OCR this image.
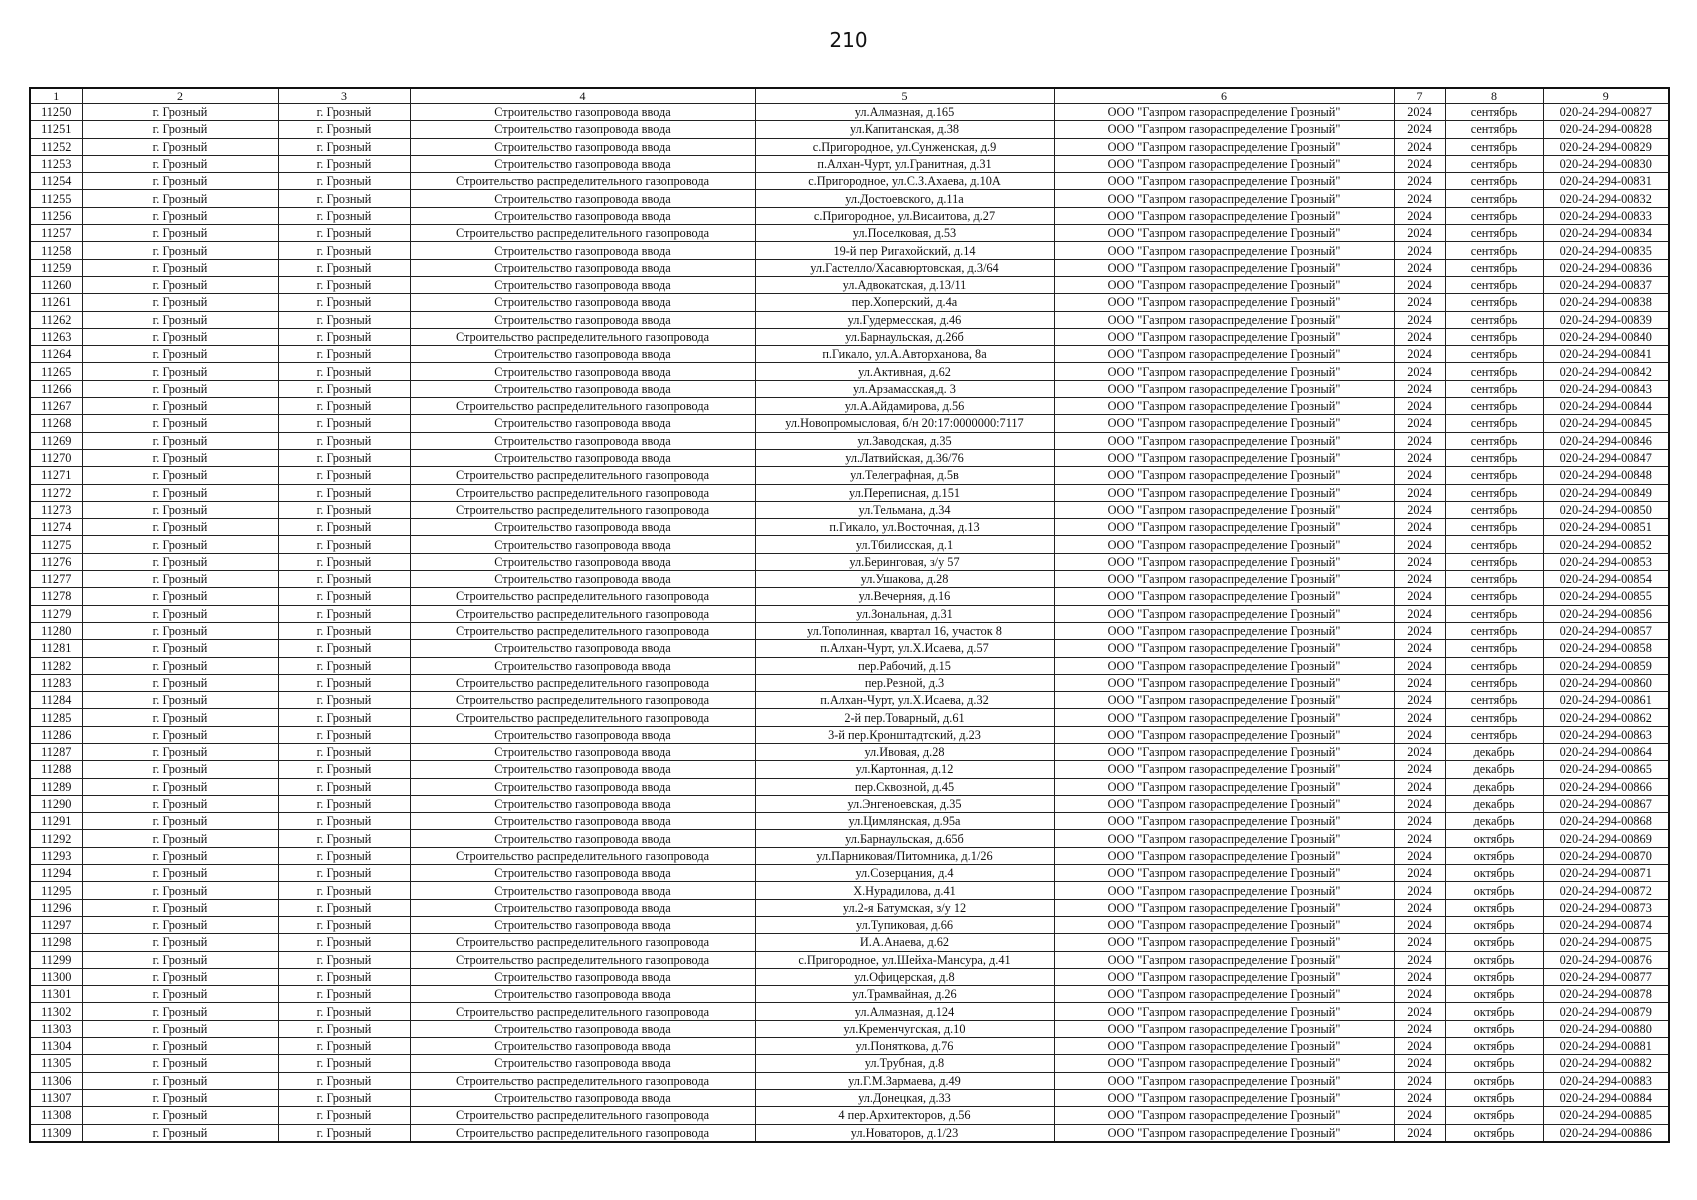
210
1	2	3	4	5	6	7	8	9
11250	г. Грозный	г. Грозный	Строительство газопровода ввода	ул.Алмазная, д.165	ООО "Газпром газораспределение Грозный"	2024	сентябрь	020-24-294-00827
11251	г. Грозный	г. Грозный	Строительство газопровода ввода	ул.Капитанская, д.38	ООО "Газпром газораспределение Грозный"	2024	сентябрь	020-24-294-00828
11252	г. Грозный	г. Грозный	Строительство газопровода ввода	с.Пригородное, ул.Сунженская, д.9	ООО "Газпром газораспределение Грозный"	2024	сентябрь	020-24-294-00829
11253	г. Грозный	г. Грозный	Строительство газопровода ввода	п.Алхан-Чурт, ул.Гранитная, д.31	ООО "Газпром газораспределение Грозный"	2024	сентябрь	020-24-294-00830
11254	г. Грозный	г. Грозный	Строительство распределительного газопровода	с.Пригородное, ул.С.З.Ахаева, д.10А	ООО "Газпром газораспределение Грозный"	2024	сентябрь	020-24-294-00831
11255	г. Грозный	г. Грозный	Строительство газопровода ввода	ул.Достоевского, д.11а	ООО "Газпром газораспределение Грозный"	2024	сентябрь	020-24-294-00832
11256	г. Грозный	г. Грозный	Строительство газопровода ввода	с.Пригородное, ул.Висаитова, д.27	ООО "Газпром газораспределение Грозный"	2024	сентябрь	020-24-294-00833
11257	г. Грозный	г. Грозный	Строительство распределительного газопровода	ул.Поселковая, д.53	ООО "Газпром газораспределение Грозный"	2024	сентябрь	020-24-294-00834
11258	г. Грозный	г. Грозный	Строительство газопровода ввода	19-й пер Ригахойский, д.14	ООО "Газпром газораспределение Грозный"	2024	сентябрь	020-24-294-00835
11259	г. Грозный	г. Грозный	Строительство газопровода ввода	ул.Гастелло/Хасавюртовская, д.3/64	ООО "Газпром газораспределение Грозный"	2024	сентябрь	020-24-294-00836
11260	г. Грозный	г. Грозный	Строительство газопровода ввода	ул.Адвокатская, д.13/11	ООО "Газпром газораспределение Грозный"	2024	сентябрь	020-24-294-00837
11261	г. Грозный	г. Грозный	Строительство газопровода ввода	пер.Хоперский, д.4а	ООО "Газпром газораспределение Грозный"	2024	сентябрь	020-24-294-00838
11262	г. Грозный	г. Грозный	Строительство газопровода ввода	ул.Гудермесская, д.46	ООО "Газпром газораспределение Грозный"	2024	сентябрь	020-24-294-00839
11263	г. Грозный	г. Грозный	Строительство распределительного газопровода	ул.Барнаульская, д.26б	ООО "Газпром газораспределение Грозный"	2024	сентябрь	020-24-294-00840
11264	г. Грозный	г. Грозный	Строительство газопровода ввода	п.Гикало, ул.А.Авторханова, 8а	ООО "Газпром газораспределение Грозный"	2024	сентябрь	020-24-294-00841
11265	г. Грозный	г. Грозный	Строительство газопровода ввода	ул.Активная, д.62	ООО "Газпром газораспределение Грозный"	2024	сентябрь	020-24-294-00842
11266	г. Грозный	г. Грозный	Строительство газопровода ввода	ул.Арзамасская,д. 3	ООО "Газпром газораспределение Грозный"	2024	сентябрь	020-24-294-00843
11267	г. Грозный	г. Грозный	Строительство распределительного газопровода	ул.А.Айдамирова, д.56	ООО "Газпром газораспределение Грозный"	2024	сентябрь	020-24-294-00844
11268	г. Грозный	г. Грозный	Строительство газопровода ввода	ул.Новопромысловая, б/н 20:17:0000000:7117	ООО "Газпром газораспределение Грозный"	2024	сентябрь	020-24-294-00845
11269	г. Грозный	г. Грозный	Строительство газопровода ввода	ул.Заводская, д.35	ООО "Газпром газораспределение Грозный"	2024	сентябрь	020-24-294-00846
11270	г. Грозный	г. Грозный	Строительство газопровода ввода	ул.Латвийская, д.36/76	ООО "Газпром газораспределение Грозный"	2024	сентябрь	020-24-294-00847
11271	г. Грозный	г. Грозный	Строительство распределительного газопровода	ул.Телеграфная, д.5в	ООО "Газпром газораспределение Грозный"	2024	сентябрь	020-24-294-00848
11272	г. Грозный	г. Грозный	Строительство распределительного газопровода	ул.Переписная, д.151	ООО "Газпром газораспределение Грозный"	2024	сентябрь	020-24-294-00849
11273	г. Грозный	г. Грозный	Строительство распределительного газопровода	ул.Тельмана, д.34	ООО "Газпром газораспределение Грозный"	2024	сентябрь	020-24-294-00850
11274	г. Грозный	г. Грозный	Строительство газопровода ввода	п.Гикало, ул.Восточная, д.13	ООО "Газпром газораспределение Грозный"	2024	сентябрь	020-24-294-00851
11275	г. Грозный	г. Грозный	Строительство газопровода ввода	ул.Тбилисская, д.1	ООО "Газпром газораспределение Грозный"	2024	сентябрь	020-24-294-00852
11276	г. Грозный	г. Грозный	Строительство газопровода ввода	ул.Беринговая, з/у 57	ООО "Газпром газораспределение Грозный"	2024	сентябрь	020-24-294-00853
11277	г. Грозный	г. Грозный	Строительство газопровода ввода	ул.Ушакова, д.28	ООО "Газпром газораспределение Грозный"	2024	сентябрь	020-24-294-00854
11278	г. Грозный	г. Грозный	Строительство распределительного газопровода	ул.Вечерняя, д.16	ООО "Газпром газораспределение Грозный"	2024	сентябрь	020-24-294-00855
11279	г. Грозный	г. Грозный	Строительство распределительного газопровода	ул.Зональная, д.31	ООО "Газпром газораспределение Грозный"	2024	сентябрь	020-24-294-00856
11280	г. Грозный	г. Грозный	Строительство распределительного газопровода	ул.Тополинная, квартал 16, участок 8	ООО "Газпром газораспределение Грозный"	2024	сентябрь	020-24-294-00857
11281	г. Грозный	г. Грозный	Строительство газопровода ввода	п.Алхан-Чурт, ул.Х.Исаева, д.57	ООО "Газпром газораспределение Грозный"	2024	сентябрь	020-24-294-00858
11282	г. Грозный	г. Грозный	Строительство газопровода ввода	пер.Рабочий, д.15	ООО "Газпром газораспределение Грозный"	2024	сентябрь	020-24-294-00859
11283	г. Грозный	г. Грозный	Строительство распределительного газопровода	пер.Резной, д.3	ООО "Газпром газораспределение Грозный"	2024	сентябрь	020-24-294-00860
11284	г. Грозный	г. Грозный	Строительство распределительного газопровода	п.Алхан-Чурт, ул.Х.Исаева, д.32	ООО "Газпром газораспределение Грозный"	2024	сентябрь	020-24-294-00861
11285	г. Грозный	г. Грозный	Строительство распределительного газопровода	2-й пер.Товарный, д.61	ООО "Газпром газораспределение Грозный"	2024	сентябрь	020-24-294-00862
11286	г. Грозный	г. Грозный	Строительство газопровода ввода	3-й пер.Кронштадтский, д.23	ООО "Газпром газораспределение Грозный"	2024	сентябрь	020-24-294-00863
11287	г. Грозный	г. Грозный	Строительство газопровода ввода	ул.Ивовая, д.28	ООО "Газпром газораспределение Грозный"	2024	декабрь	020-24-294-00864
11288	г. Грозный	г. Грозный	Строительство газопровода ввода	ул.Картонная, д.12	ООО "Газпром газораспределение Грозный"	2024	декабрь	020-24-294-00865
11289	г. Грозный	г. Грозный	Строительство газопровода ввода	пер.Сквозной, д.45	ООО "Газпром газораспределение Грозный"	2024	декабрь	020-24-294-00866
11290	г. Грозный	г. Грозный	Строительство газопровода ввода	ул.Энгеноевская, д.35	ООО "Газпром газораспределение Грозный"	2024	декабрь	020-24-294-00867
11291	г. Грозный	г. Грозный	Строительство газопровода ввода	ул.Цимлянская, д.95а	ООО "Газпром газораспределение Грозный"	2024	декабрь	020-24-294-00868
11292	г. Грозный	г. Грозный	Строительство газопровода ввода	ул.Барнаульская, д.65б	ООО "Газпром газораспределение Грозный"	2024	октябрь	020-24-294-00869
11293	г. Грозный	г. Грозный	Строительство распределительного газопровода	ул.Парниковая/Питомника, д.1/26	ООО "Газпром газораспределение Грозный"	2024	октябрь	020-24-294-00870
11294	г. Грозный	г. Грозный	Строительство газопровода ввода	ул.Созерцания, д.4	ООО "Газпром газораспределение Грозный"	2024	октябрь	020-24-294-00871
11295	г. Грозный	г. Грозный	Строительство газопровода ввода	Х.Нурадилова, д.41	ООО "Газпром газораспределение Грозный"	2024	октябрь	020-24-294-00872
11296	г. Грозный	г. Грозный	Строительство газопровода ввода	ул.2-я Батумская, з/у 12	ООО "Газпром газораспределение Грозный"	2024	октябрь	020-24-294-00873
11297	г. Грозный	г. Грозный	Строительство газопровода ввода	ул.Тупиковая, д.66	ООО "Газпром газораспределение Грозный"	2024	октябрь	020-24-294-00874
11298	г. Грозный	г. Грозный	Строительство распределительного газопровода	И.А.Анаева, д.62	ООО "Газпром газораспределение Грозный"	2024	октябрь	020-24-294-00875
11299	г. Грозный	г. Грозный	Строительство распределительного газопровода	с.Пригородное, ул.Шейха-Мансура, д.41	ООО "Газпром газораспределение Грозный"	2024	октябрь	020-24-294-00876
11300	г. Грозный	г. Грозный	Строительство газопровода ввода	ул.Офицерская, д.8	ООО "Газпром газораспределение Грозный"	2024	октябрь	020-24-294-00877
11301	г. Грозный	г. Грозный	Строительство газопровода ввода	ул.Трамвайная, д.26	ООО "Газпром газораспределение Грозный"	2024	октябрь	020-24-294-00878
11302	г. Грозный	г. Грозный	Строительство распределительного газопровода	ул.Алмазная, д.124	ООО "Газпром газораспределение Грозный"	2024	октябрь	020-24-294-00879
11303	г. Грозный	г. Грозный	Строительство газопровода ввода	ул.Кременчугская, д.10	ООО "Газпром газораспределение Грозный"	2024	октябрь	020-24-294-00880
11304	г. Грозный	г. Грозный	Строительство газопровода ввода	ул.Поняткова, д.76	ООО "Газпром газораспределение Грозный"	2024	октябрь	020-24-294-00881
11305	г. Грозный	г. Грозный	Строительство газопровода ввода	ул.Трубная, д.8	ООО "Газпром газораспределение Грозный"	2024	октябрь	020-24-294-00882
11306	г. Грозный	г. Грозный	Строительство распределительного газопровода	ул.Г.М.Зармаева, д.49	ООО "Газпром газораспределение Грозный"	2024	октябрь	020-24-294-00883
11307	г. Грозный	г. Грозный	Строительство газопровода ввода	ул.Донецкая, д.33	ООО "Газпром газораспределение Грозный"	2024	октябрь	020-24-294-00884
11308	г. Грозный	г. Грозный	Строительство распределительного газопровода	4 пер.Архитекторов, д.56	ООО "Газпром газораспределение Грозный"	2024	октябрь	020-24-294-00885
11309	г. Грозный	г. Грозный	Строительство распределительного газопровода	ул.Новаторов, д.1/23	ООО "Газпром газораспределение Грозный"	2024	октябрь	020-24-294-00886
